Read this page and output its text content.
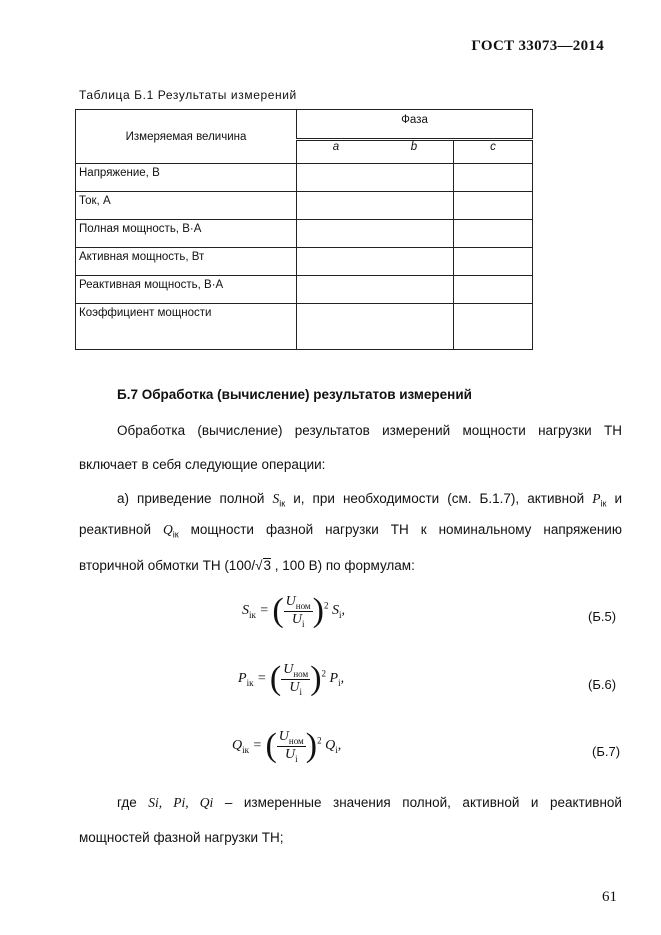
ГОСТ 33073—2014
Таблица Б.1 Результаты измерений
Измеряемая величина	Фаза		
	a	b	c
Напряжение, В			
Ток, А			
Полная мощность, В·А			
Активная мощность, Вт			
Реактивная мощность, В·А			
Коэффициент мощности			
Б.7 Обработка (вычисление) результатов измерений
Обработка (вычисление) результатов измерений мощности нагрузки ТН
включает в себя следующие операции:
а) приведение полной $S_{iк}$ и, при необходимости (см. Б.1.7), активной $P_{iк}$ и
реактивной $Q_{iк}$ мощности фазной нагрузки ТН к номинальному напряжению
вторичной обмотки ТН (100/√3 , 100 В) по формулам:
$S_{iк}$ = ( $\frac{U_{ном}}{U_i} )^2$ $S_i$,	(Б.5)
$P_{iк}$ = ( $\frac{U_{ном}}{U_i} )^2$ $P_i$,	(Б.6)
$Q_{iк}$ = ( $\frac{U_{ном}}{U_i} )^2$ $Q_i$,	(Б.7)
где Si, Pi, Qi – измеренные значения полной, активной и реактивной
мощностей фазной нагрузки ТН;
61
